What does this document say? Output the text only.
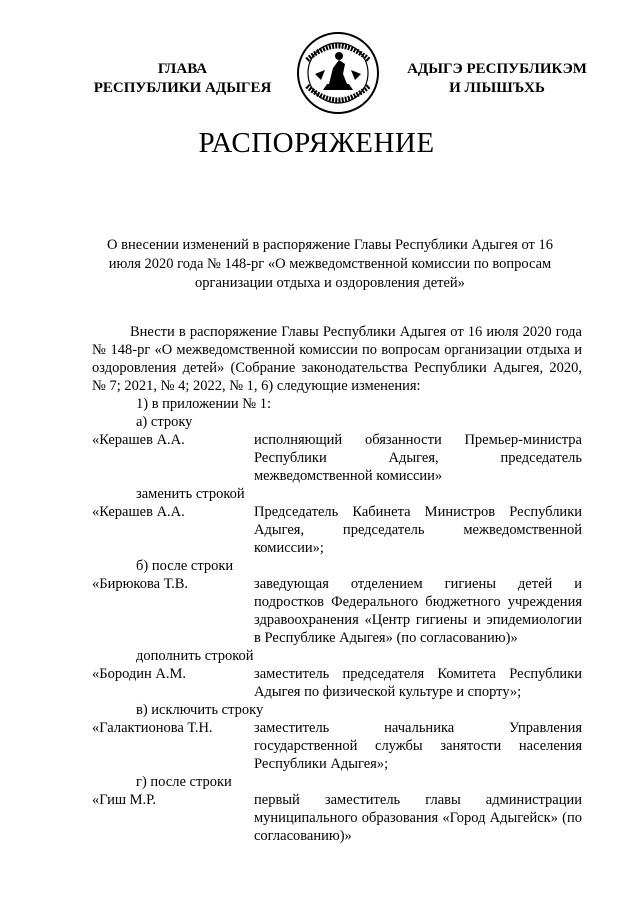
ГЛАВА
РЕСПУБЛИКИ АДЫГЕЯ
АДЫГЭ РЕСПУБЛИКЭМ
И ЛІЫШЪХЬ
РАСПОРЯЖЕНИЕ
О внесении изменений в распоряжение Главы Республики Адыгея от 16 июля 2020 года № 148-рг «О межведомственной комиссии по вопросам организации отдыха и оздоровления детей»

Внести в распоряжение Главы Республики Адыгея от 16 июля 2020 года № 148-рг «О межведомственной комиссии по вопросам организации отдыха и оздоровления детей» (Собрание законодательства Республики Адыгея, 2020, № 7; 2021, № 4; 2022, № 1, 6) следующие изменения:

1) в приложении № 1:
а) строку
«Керашев А.А.	исполняющий обязанности Премьер-министра Республики Адыгея, председатель межведомственной комиссии»
заменить строкой
«Керашев А.А.	Председатель Кабинета Министров Республики Адыгея, председатель межведомственной комиссии»;
б) после строки
«Бирюкова Т.В.	заведующая отделением гигиены детей и подростков Федерального бюджетного учреждения здравоохранения «Центр гигиены и эпидемиологии в Республике Адыгея» (по согласованию)»
дополнить строкой
«Бородин А.М.	заместитель председателя Комитета Республики Адыгея по физической культуре и спорту»;
в) исключить строку
«Галактионова Т.Н.	заместитель начальника Управления государственной службы занятости населения Республики Адыгея»;
г) после строки
«Гиш М.Р.	первый заместитель главы администрации муниципального образования «Город Адыгейск» (по согласованию)»
